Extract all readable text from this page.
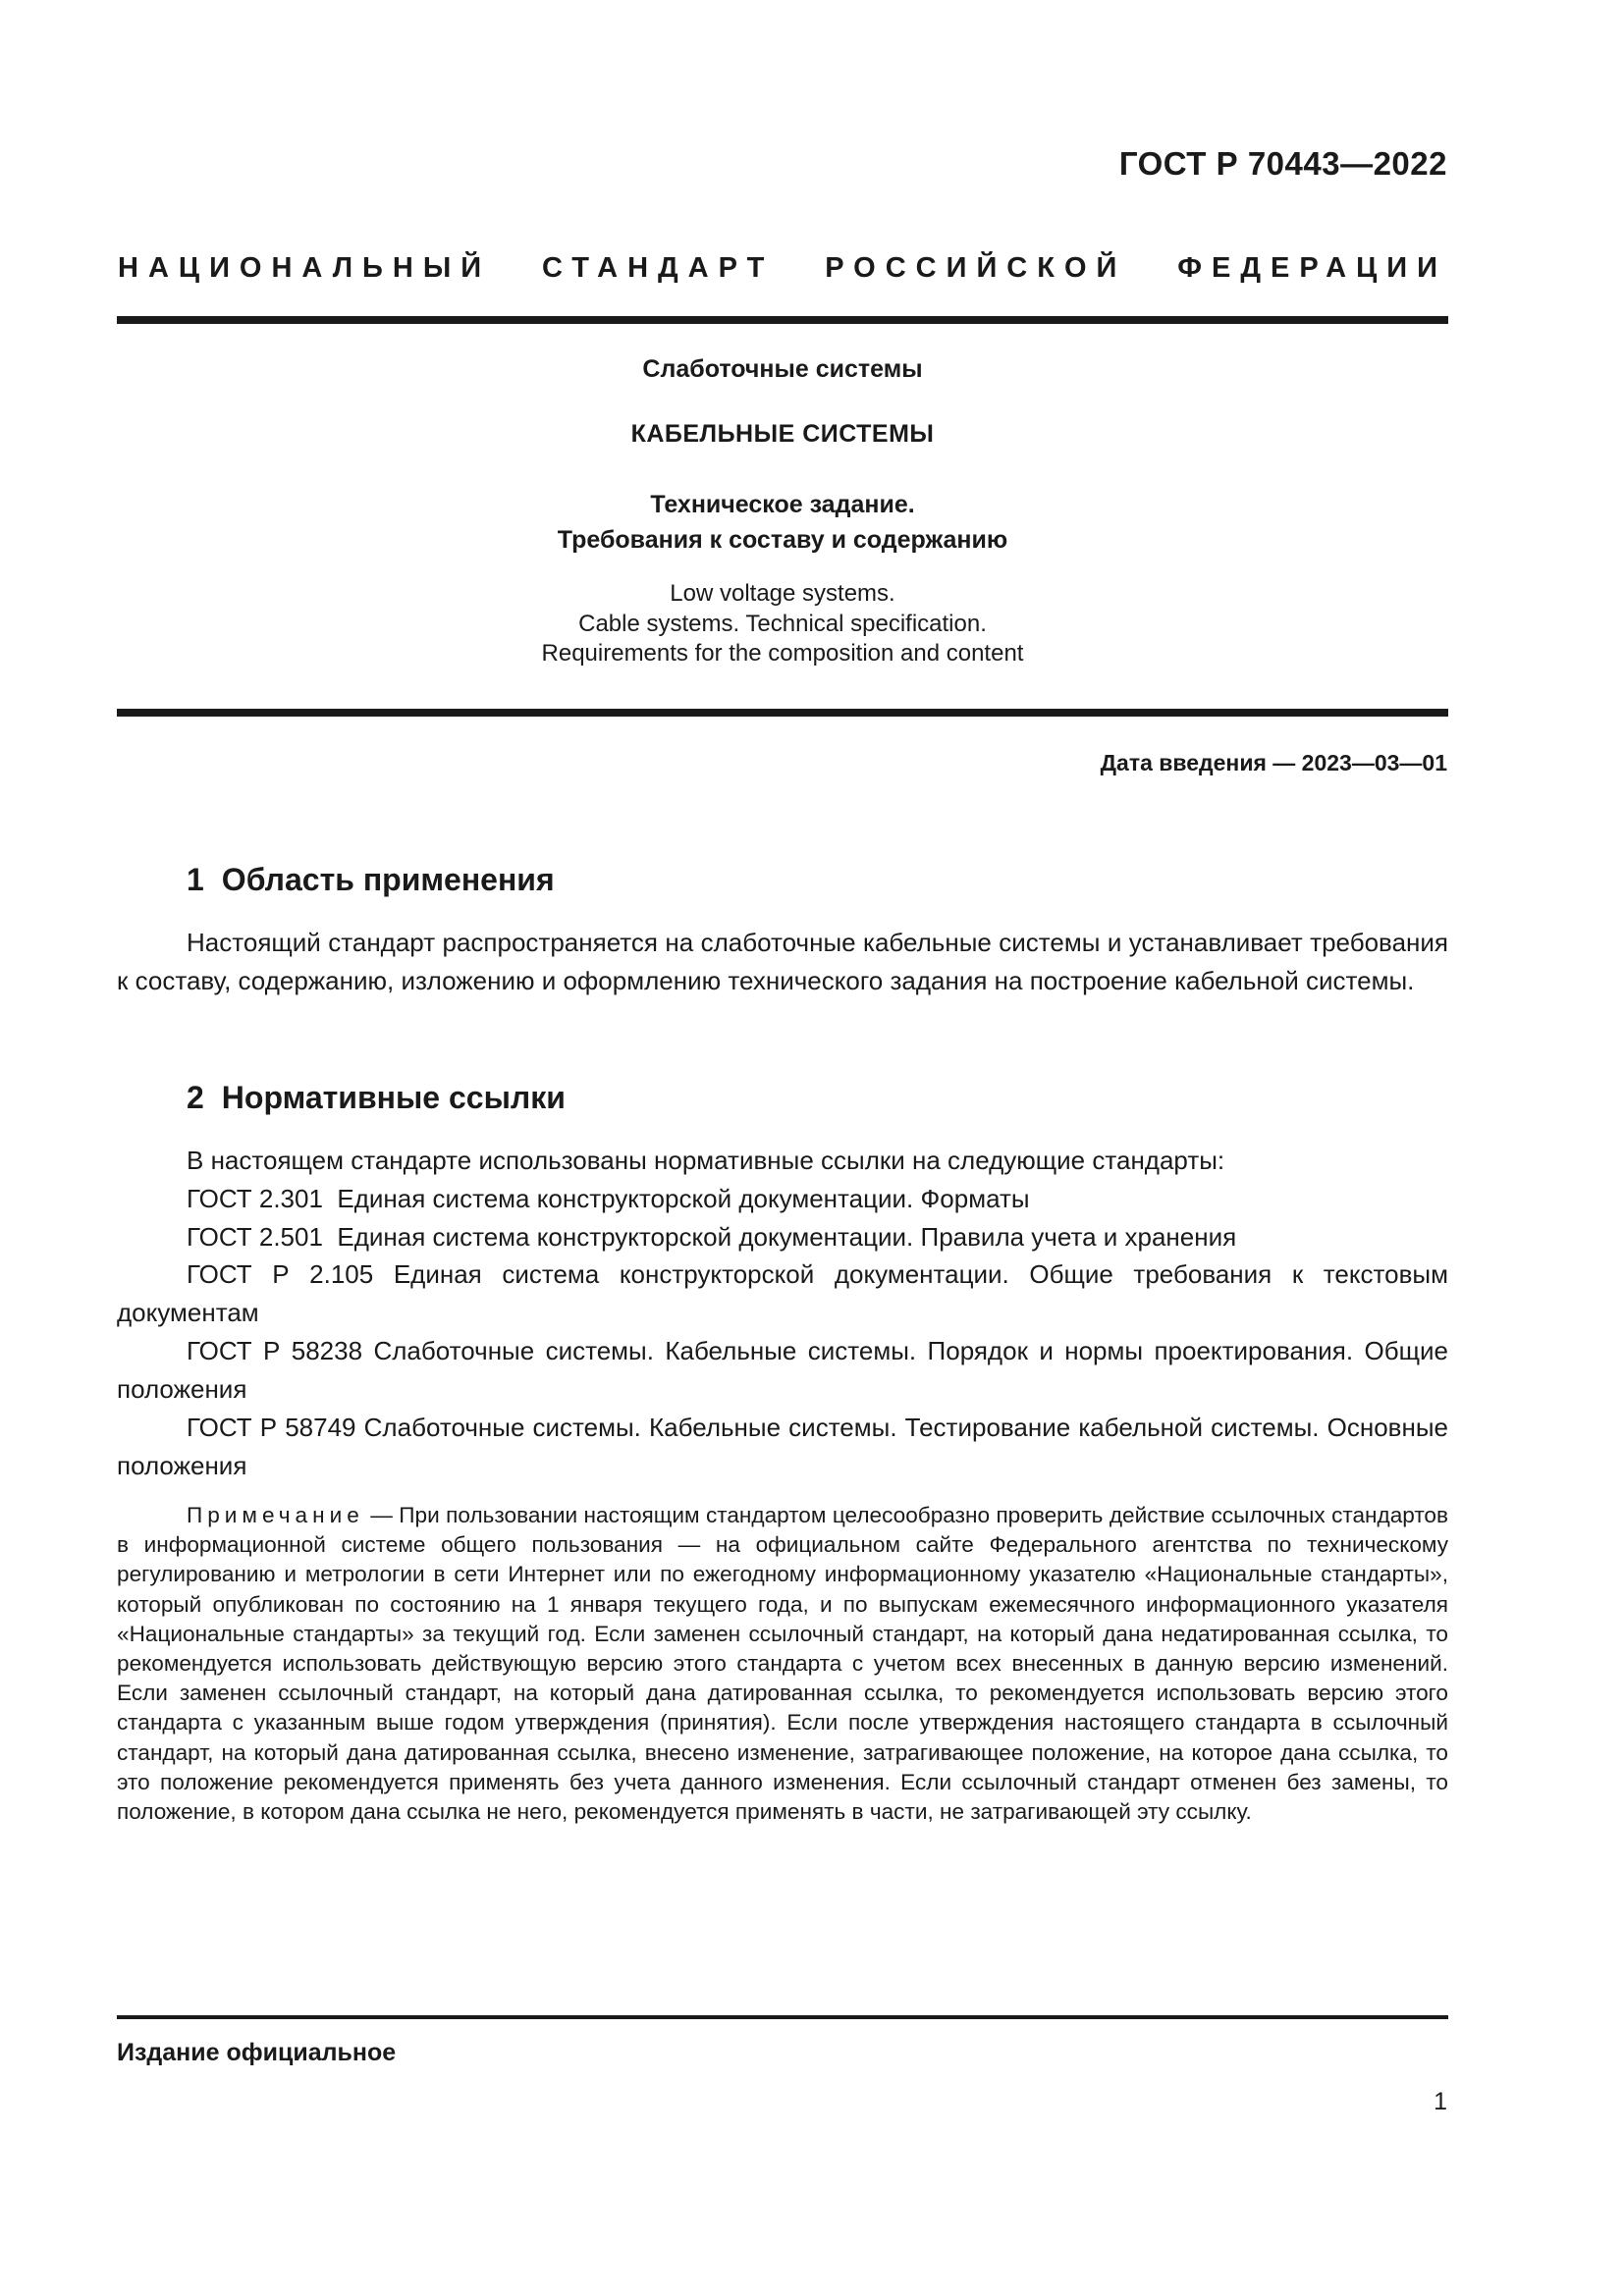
ГОСТ Р 70443—2022
НАЦИОНАЛЬНЫЙ СТАНДАРТ РОССИЙСКОЙ ФЕДЕРАЦИИ
Слаботочные системы
КАБЕЛЬНЫЕ СИСТЕМЫ
Техническое задание.
Требования к составу и содержанию
Low voltage systems.
Cable systems. Technical specification.
Requirements for the composition and content
Дата введения — 2023—03—01
1 Область применения
Настоящий стандарт распространяется на слаботочные кабельные системы и устанавливает требования к составу, содержанию, изложению и оформлению технического задания на построение кабельной системы.
2 Нормативные ссылки
В настоящем стандарте использованы нормативные ссылки на следующие стандарты:
ГОСТ 2.301 Единая система конструкторской документации. Форматы
ГОСТ 2.501 Единая система конструкторской документации. Правила учета и хранения
ГОСТ Р 2.105 Единая система конструкторской документации. Общие требования к текстовым документам
ГОСТ Р 58238 Слаботочные системы. Кабельные системы. Порядок и нормы проектирования. Общие положения
ГОСТ Р 58749 Слаботочные системы. Кабельные системы. Тестирование кабельной системы. Основные положения
Примечание — При пользовании настоящим стандартом целесообразно проверить действие ссылочных стандартов в информационной системе общего пользования — на официальном сайте Федерального агентства по техническому регулированию и метрологии в сети Интернет или по ежегодному информационному указателю «Национальные стандарты», который опубликован по состоянию на 1 января текущего года, и по выпускам ежемесячного информационного указателя «Национальные стандарты» за текущий год. Если заменен ссылочный стандарт, на который дана недатированная ссылка, то рекомендуется использовать действующую версию этого стандарта с учетом всех внесенных в данную версию изменений. Если заменен ссылочный стандарт, на который дана датированная ссылка, то рекомендуется использовать версию этого стандарта с указанным выше годом утверждения (принятия). Если после утверждения настоящего стандарта в ссылочный стандарт, на который дана датированная ссылка, внесено изменение, затрагивающее положение, на которое дана ссылка, то это положение рекомендуется применять без учета данного изменения. Если ссылочный стандарт отменен без замены, то положение, в котором дана ссылка не него, рекомендуется применять в части, не затрагивающей эту ссылку.
Издание официальное
1
